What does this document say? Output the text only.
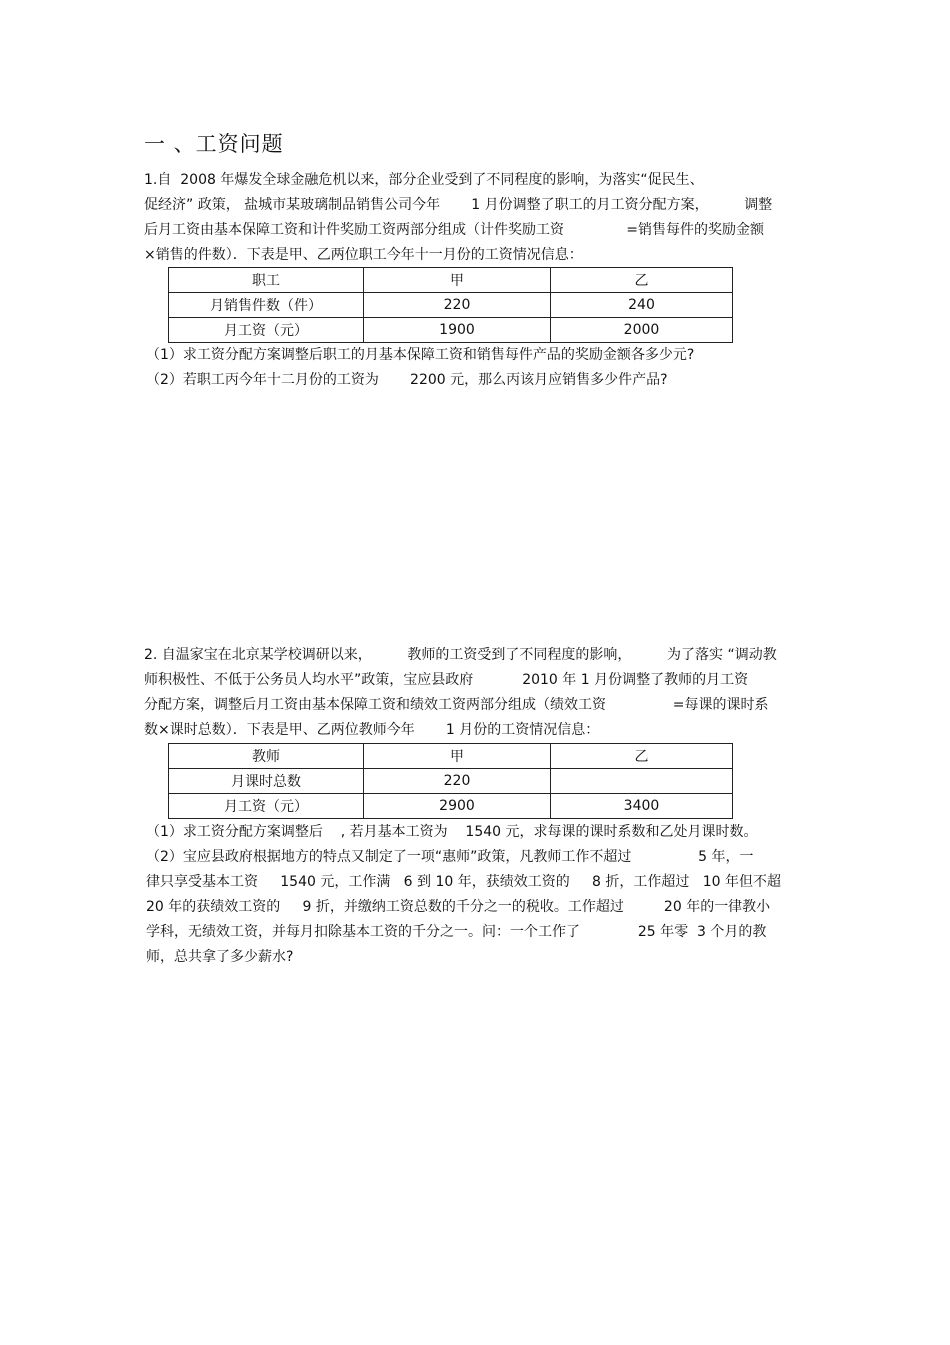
一 、工资问题
1.自  2008 年爆发全球金融危机以来，部分企业受到了不同程度的影响，为落实“促民生、
促经济” 政策， 盐城市某玻璃制品销售公司今年       1 月份调整了职工的月工资分配方案，        调整
后月工资由基本保障工资和计件奖励工资两部分组成（计件奖励工资              =销售每件的奖励金额
×销售的件数）．下表是甲、乙两位职工今年十一月份的工资情况信息：
职工	甲	乙
月销售件数（件）	220	240
月工资（元）	1900	2000
（1）求工资分配方案调整后职工的月基本保障工资和销售每件产品的奖励金额各多少元?
（2）若职工丙今年十二月份的工资为       2200 元，那么丙该月应销售多少件产品?
2. 自温家宝在北京某学校调研以来，        教师的工资受到了不同程度的影响，        为了落实 “调动教
师积极性、不低于公务员人均水平”政策，宝应县政府           2010 年 1 月份调整了教师的月工资
分配方案，调整后月工资由基本保障工资和绩效工资两部分组成（绩效工资               =每课的课时系
数×课时总数）．下表是甲、乙两位教师今年       1 月份的工资情况信息：
教师	甲	乙
月课时总数	220	
月工资（元）	2900	3400
（1）求工资分配方案调整后    , 若月基本工资为    1540 元，求每课的课时系数和乙处月课时数。
（2）宝应县政府根据地方的特点又制定了一项“惠师”政策，凡教师工作不超过               5 年，一
律只享受基本工资     1540 元，工作满   6 到 10 年，获绩效工资的     8 折，工作超过   10 年但不超
20 年的获绩效工资的     9 折，并缴纳工资总数的千分之一的税收。工作超过         20 年的一律教小
学科，无绩效工资，并每月扣除基本工资的千分之一。问：一个工作了             25 年零  3 个月的教
师，总共拿了多少薪水?
